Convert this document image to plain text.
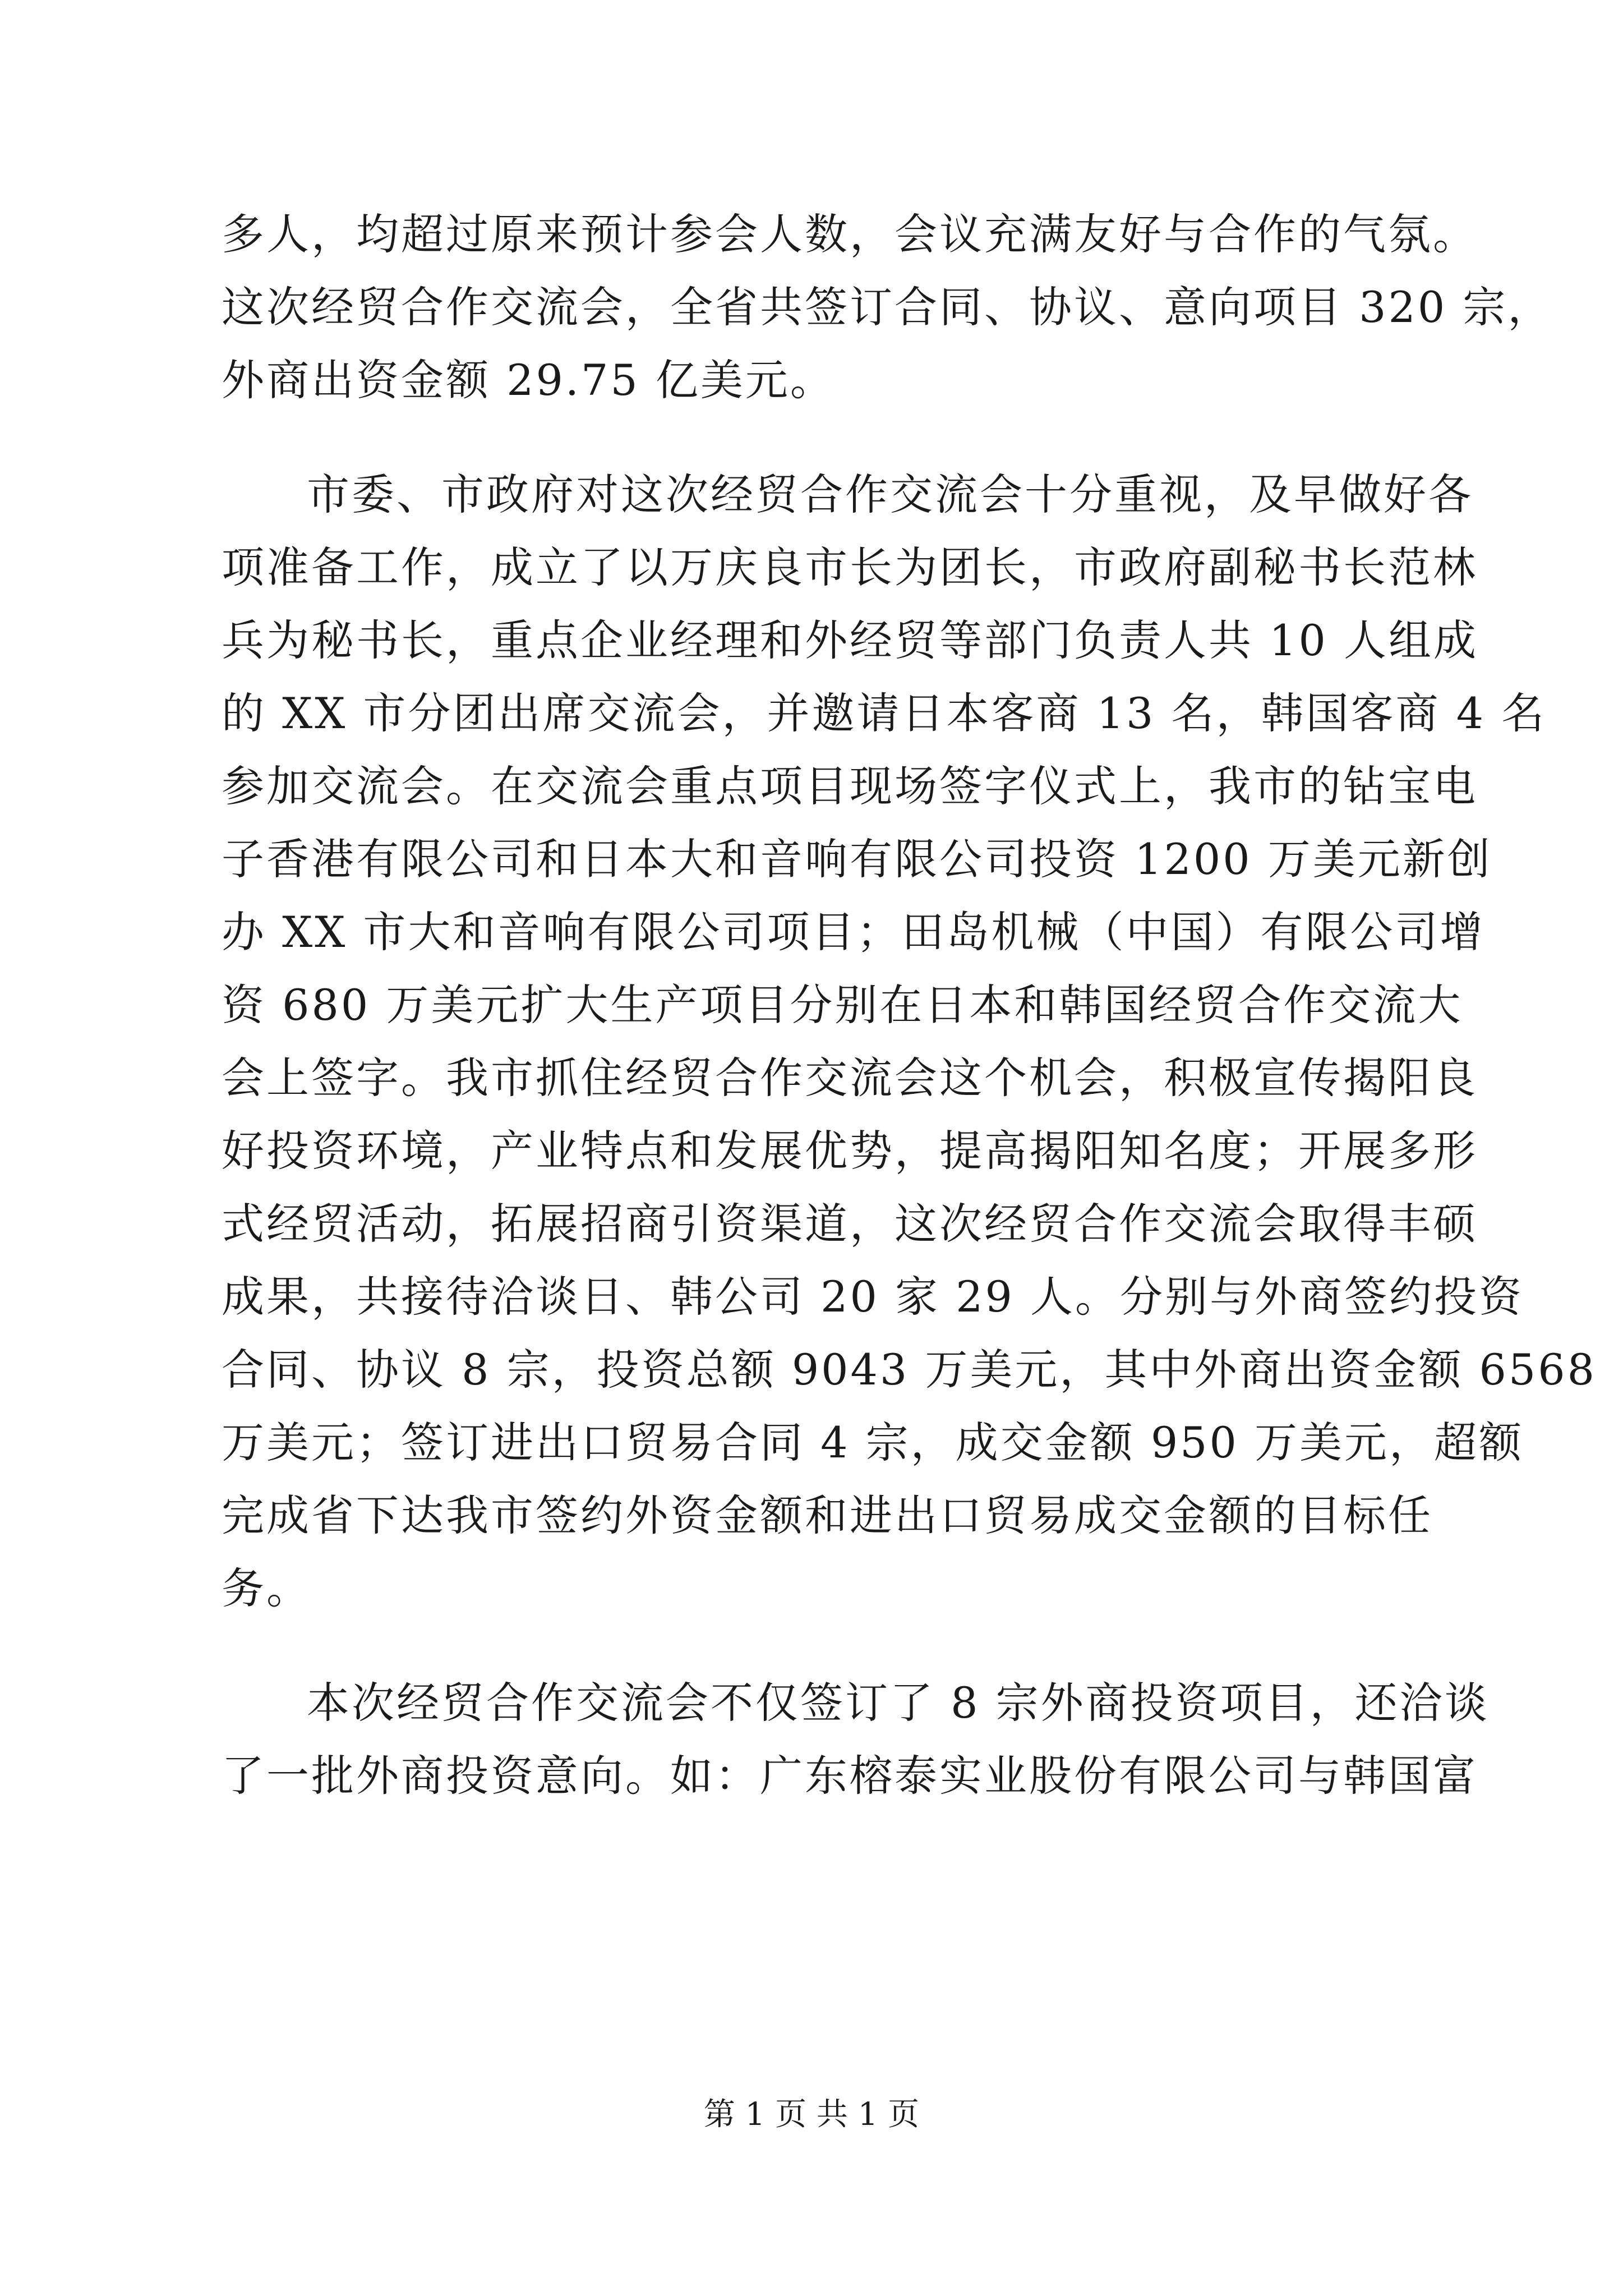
多人，均超过原来预计参会人数，会议充满友好与合作的气氛。
这次经贸合作交流会，全省共签订合同、协议、意向项目 320 宗，
外商出资金额 29.75 亿美元。
市委、市政府对这次经贸合作交流会十分重视，及早做好各
项准备工作，成立了以万庆良市长为团长，市政府副秘书长范林
兵为秘书长，重点企业经理和外经贸等部门负责人共 10 人组成
的 XX 市分团出席交流会，并邀请日本客商 13 名，韩国客商 4 名
参加交流会。在交流会重点项目现场签字仪式上，我市的钻宝电
子香港有限公司和日本大和音响有限公司投资 1200 万美元新创
办 XX 市大和音响有限公司项目；田岛机械（中国）有限公司增
资 680 万美元扩大生产项目分别在日本和韩国经贸合作交流大
会上签字。我市抓住经贸合作交流会这个机会，积极宣传揭阳良
好投资环境，产业特点和发展优势，提高揭阳知名度；开展多形
式经贸活动，拓展招商引资渠道，这次经贸合作交流会取得丰硕
成果，共接待洽谈日、韩公司 20 家 29 人。分别与外商签约投资
合同、协议 8 宗，投资总额 9043 万美元，其中外商出资金额 6568
万美元；签订进出口贸易合同 4 宗，成交金额 950 万美元，超额
完成省下达我市签约外资金额和进出口贸易成交金额的目标任
务。
本次经贸合作交流会不仅签订了 8 宗外商投资项目，还洽谈
了一批外商投资意向。如：广东榕泰实业股份有限公司与韩国富
第 1 页 共 1 页
